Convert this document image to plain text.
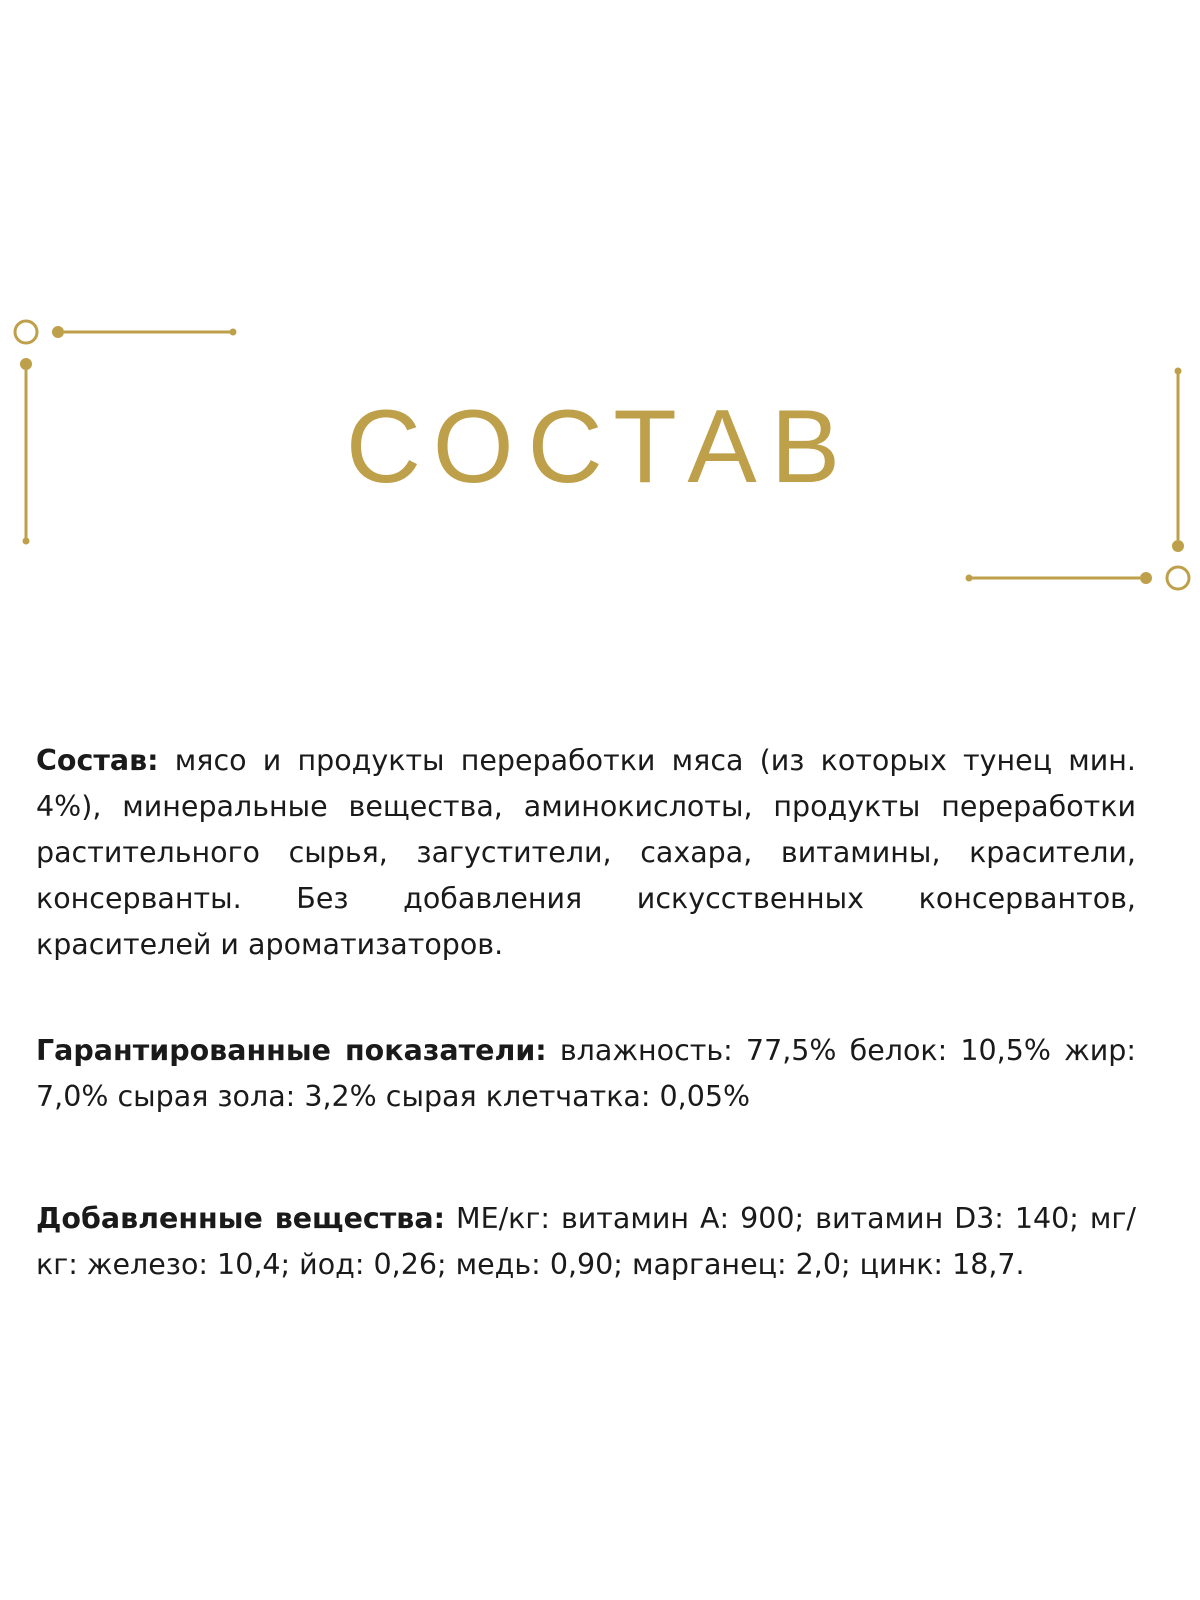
СОСТАВ

Состав: мясо и продукты переработки мяса (из которых тунец мин. 4%), минеральные вещества, аминокислоты, продукты переработки растительного сырья, загустители, сахара, витамины, красители, консерванты. Без добавления искусственных консервантов, красителей и ароматизаторов.

Гарантированные показатели: влажность: 77,5% белок: 10,5% жир: 7,0% сырая зола: 3,2% сырая клетчатка: 0,05%

Добавленные вещества: МЕ/кг: витамин А: 900; витамин D3: 140; мг/кг: железо: 10,4; йод: 0,26; медь: 0,90; марганец: 2,0; цинк: 18,7.
